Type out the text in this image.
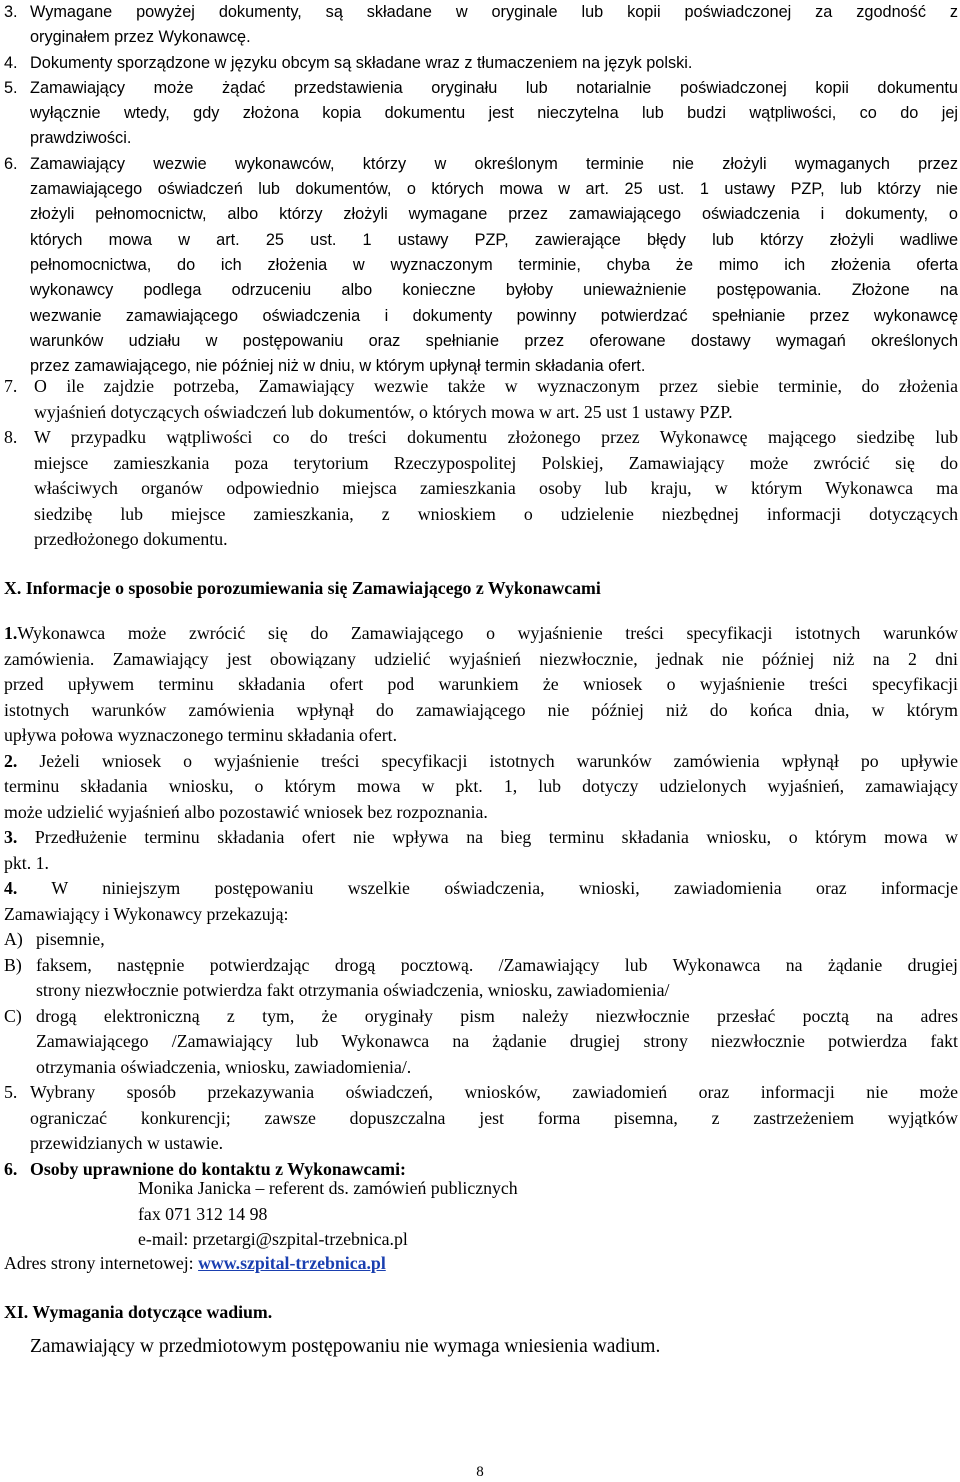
3. Wymagane powyżej dokumenty, są składane w oryginale lub kopii poświadczonej za zgodność z
oryginałem przez Wykonawcę.
4. Dokumenty sporządzone w języku obcym są składane wraz z tłumaczeniem na język polski.
5. Zamawiający może żądać przedstawienia oryginału lub notarialnie poświadczonej kopii dokumentu
wyłącznie wtedy, gdy złożona kopia dokumentu jest nieczytelna lub budzi wątpliwości, co do jej
prawdziwości.
6. Zamawiający wezwie wykonawców, którzy w określonym terminie nie złożyli wymaganych przez
zamawiającego oświadczeń lub dokumentów, o których mowa w art. 25 ust. 1 ustawy PZP, lub którzy nie
złożyli pełnomocnictw, albo którzy złożyli wymagane przez zamawiającego oświadczenia i dokumenty, o
których mowa w art. 25 ust. 1 ustawy PZP, zawierające błędy lub którzy złożyli wadliwe
pełnomocnictwa, do ich złożenia w wyznaczonym terminie, chyba że mimo ich złożenia oferta
wykonawcy podlega odrzuceniu albo konieczne byłoby unieważnienie postępowania. Złożone na
wezwanie zamawiającego oświadczenia i dokumenty powinny potwierdzać spełnianie przez wykonawcę
warunków udziału w postępowaniu oraz spełnianie przez oferowane dostawy wymagań określonych
przez zamawiającego, nie później niż w dniu, w którym upłynął termin składania ofert.
7. O ile zajdzie potrzeba, Zamawiający wezwie także w wyznaczonym przez siebie terminie, do złożenia
wyjaśnień dotyczących oświadczeń lub dokumentów, o których mowa w art. 25 ust 1 ustawy PZP.
8. W przypadku wątpliwości co do treści dokumentu złożonego przez Wykonawcę mającego siedzibę lub
miejsce zamieszkania poza terytorium Rzeczypospolitej Polskiej, Zamawiający może zwrócić się do
właściwych organów odpowiednio miejsca zamieszkania osoby lub kraju, w którym Wykonawca ma
siedzibę lub miejsce zamieszkania, z wnioskiem o udzielenie niezbędnej informacji dotyczących
przedłożonego dokumentu.
X. Informacje o sposobie porozumiewania się Zamawiającego z Wykonawcami
1.Wykonawca może zwrócić się do Zamawiającego o wyjaśnienie treści specyfikacji istotnych warunków
zamówienia. Zamawiający jest obowiązany udzielić wyjaśnień niezwłocznie, jednak nie później niż na 2 dni
przed upływem terminu składania ofert pod warunkiem że wniosek o wyjaśnienie treści specyfikacji
istotnych warunków zamówienia wpłynął do zamawiającego nie później niż do końca dnia, w którym
upływa połowa wyznaczonego terminu składania ofert.
2. Jeżeli wniosek o wyjaśnienie treści specyfikacji istotnych warunków zamówienia wpłynął po upływie
terminu składania wniosku, o którym mowa w pkt. 1, lub dotyczy udzielonych wyjaśnień, zamawiający
może udzielić wyjaśnień albo pozostawić wniosek bez rozpoznania.
3. Przedłużenie terminu składania ofert nie wpływa na bieg terminu składania wniosku, o którym mowa w
pkt. 1.
4. W niniejszym postępowaniu wszelkie oświadczenia, wnioski, zawiadomienia oraz informacje
Zamawiający i Wykonawcy przekazują:
A) pisemnie,
B) faksem, następnie potwierdzając drogą pocztową. /Zamawiający lub Wykonawca na żądanie drugiej
strony niezwłocznie potwierdza fakt otrzymania oświadczenia, wniosku, zawiadomienia/
C) drogą elektroniczną z tym, że oryginały pism należy niezwłocznie przesłać pocztą na adres
Zamawiającego /Zamawiający lub Wykonawca na żądanie drugiej strony niezwłocznie potwierdza fakt
otrzymania oświadczenia, wniosku, zawiadomienia/.
5. Wybrany sposób przekazywania oświadczeń, wniosków, zawiadomień oraz informacji nie może
ograniczać konkurencji; zawsze dopuszczalna jest forma pisemna, z zastrzeżeniem wyjątków
przewidzianych w ustawie.
6. Osoby uprawnione do kontaktu z Wykonawcami:
Monika Janicka – referent ds. zamówień publicznych
fax 071 312 14 98
e-mail: przetargi@szpital-trzebnica.pl
Adres strony internetowej: www.szpital-trzebnica.pl
XI. Wymagania dotyczące wadium.
Zamawiający w przedmiotowym postępowaniu nie wymaga wniesienia wadium.
8
